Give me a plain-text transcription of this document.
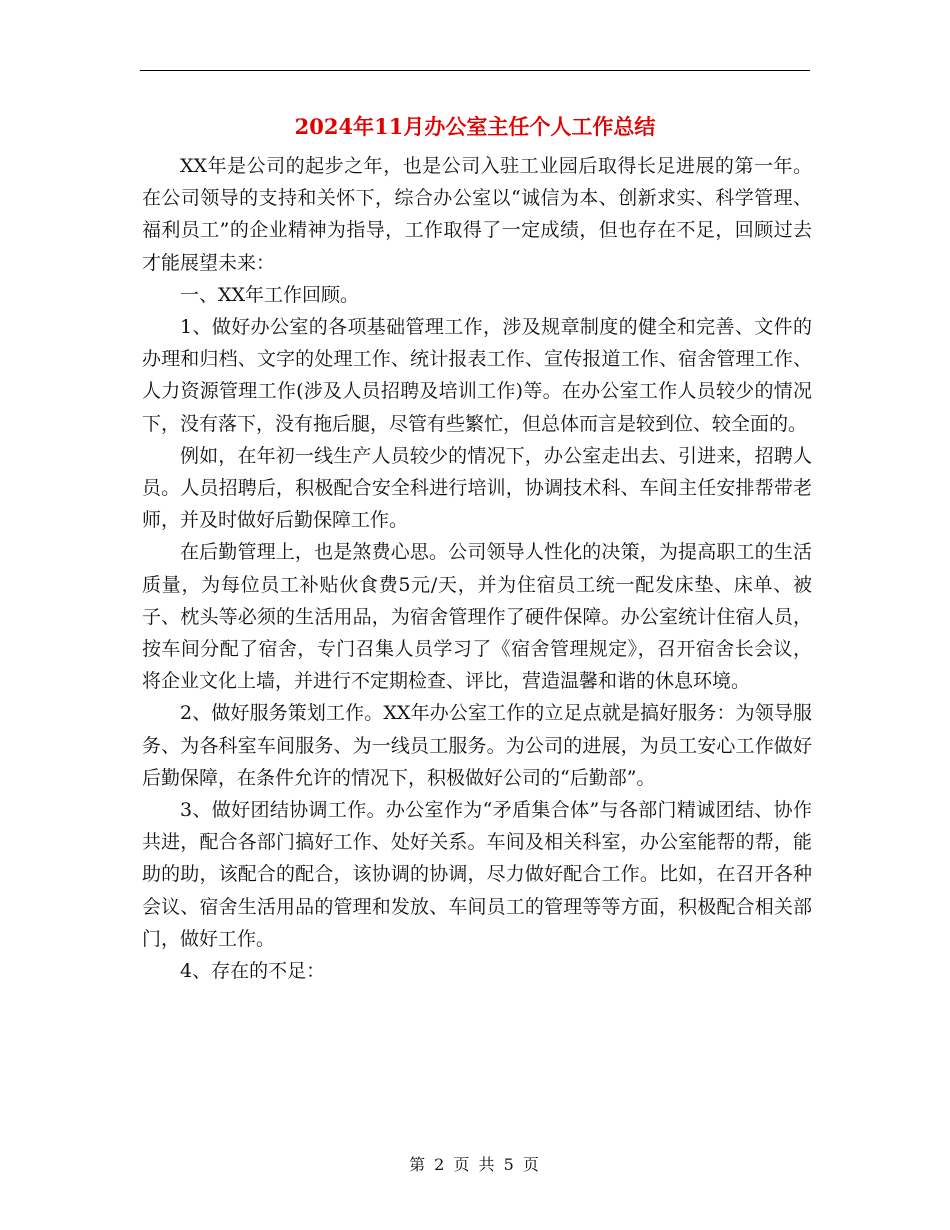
2024年11月办公室主任个人工作总结

XX年是公司的起步之年，也是公司入驻工业园后取得长足进展的第一年。在公司领导的支持和关怀下，综合办公室以“诚信为本、创新求实、科学管理、福利员工”的企业精神为指导，工作取得了一定成绩，但也存在不足，回顾过去才能展望未来：

一、XX年工作回顾。

1、做好办公室的各项基础管理工作，涉及规章制度的健全和完善、文件的办理和归档、文字的处理工作、统计报表工作、宣传报道工作、宿舍管理工作、人力资源管理工作(涉及人员招聘及培训工作)等。在办公室工作人员较少的情况下，没有落下，没有拖后腿，尽管有些繁忙，但总体而言是较到位、较全面的。

例如，在年初一线生产人员较少的情况下，办公室走出去、引进来，招聘人员。人员招聘后，积极配合安全科进行培训，协调技术科、车间主任安排帮带老师，并及时做好后勤保障工作。

在后勤管理上，也是煞费心思。公司领导人性化的决策，为提高职工的生活质量，为每位员工补贴伙食费5元/天，并为住宿员工统一配发床垫、床单、被子、枕头等必须的生活用品，为宿舍管理作了硬件保障。办公室统计住宿人员，按车间分配了宿舍，专门召集人员学习了《宿舍管理规定》，召开宿舍长会议，将企业文化上墙，并进行不定期检查、评比，营造温馨和谐的休息环境。

2、做好服务策划工作。XX年办公室工作的立足点就是搞好服务：为领导服务、为各科室车间服务、为一线员工服务。为公司的进展，为员工安心工作做好后勤保障，在条件允许的情况下，积极做好公司的“后勤部”。

3、做好团结协调工作。办公室作为“矛盾集合体”与各部门精诚团结、协作共进，配合各部门搞好工作、处好关系。车间及相关科室，办公室能帮的帮，能助的助，该配合的配合，该协调的协调，尽力做好配合工作。比如，在召开各种会议、宿舍生活用品的管理和发放、车间员工的管理等等方面，积极配合相关部门，做好工作。

4、存在的不足：

第 2 页 共 5 页
